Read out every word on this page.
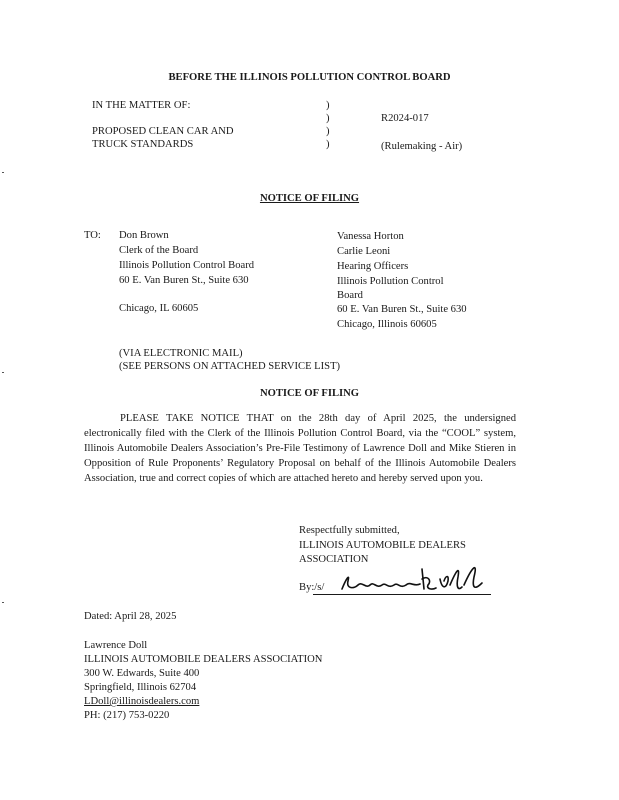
BEFORE THE ILLINOIS POLLUTION CONTROL BOARD
IN THE MATTER OF:
PROPOSED CLEAN CAR AND
TRUCK STANDARDS
)
)
)
)
R2024-017
(Rulemaking - Air)
NOTICE OF FILING
TO: Don Brown
Clerk of the Board
Illinois Pollution Control Board
60 E. Van Buren St., Suite 630
Chicago, IL 60605
Vanessa Horton
Carlie Leoni
Hearing Officers
Illinois Pollution Control
Board
60 E. Van Buren St., Suite 630
Chicago, Illinois 60605
(VIA ELECTRONIC MAIL)
(SEE PERSONS ON ATTACHED SERVICE LIST)
NOTICE OF FILING
PLEASE TAKE NOTICE THAT on the 28th day of April 2025, the undersigned electronically filed with the Clerk of the Illinois Pollution Control Board, via the “COOL” system, Illinois Automobile Dealers Association’s Pre-File Testimony of Lawrence Doll and Mike Stieren in Opposition of Rule Proponents’ Regulatory Proposal on behalf of the Illinois Automobile Dealers Association, true and correct copies of which are attached hereto and hereby served upon you.
Respectfully submitted,
ILLINOIS AUTOMOBILE DEALERS
ASSOCIATION
By:/s/
Dated: April 28, 2025
Lawrence Doll
ILLINOIS AUTOMOBILE DEALERS ASSOCIATION
300 W. Edwards, Suite 400
Springfield, Illinois 62704
LDoll@illinoisdealers.com
PH: (217) 753-0220
